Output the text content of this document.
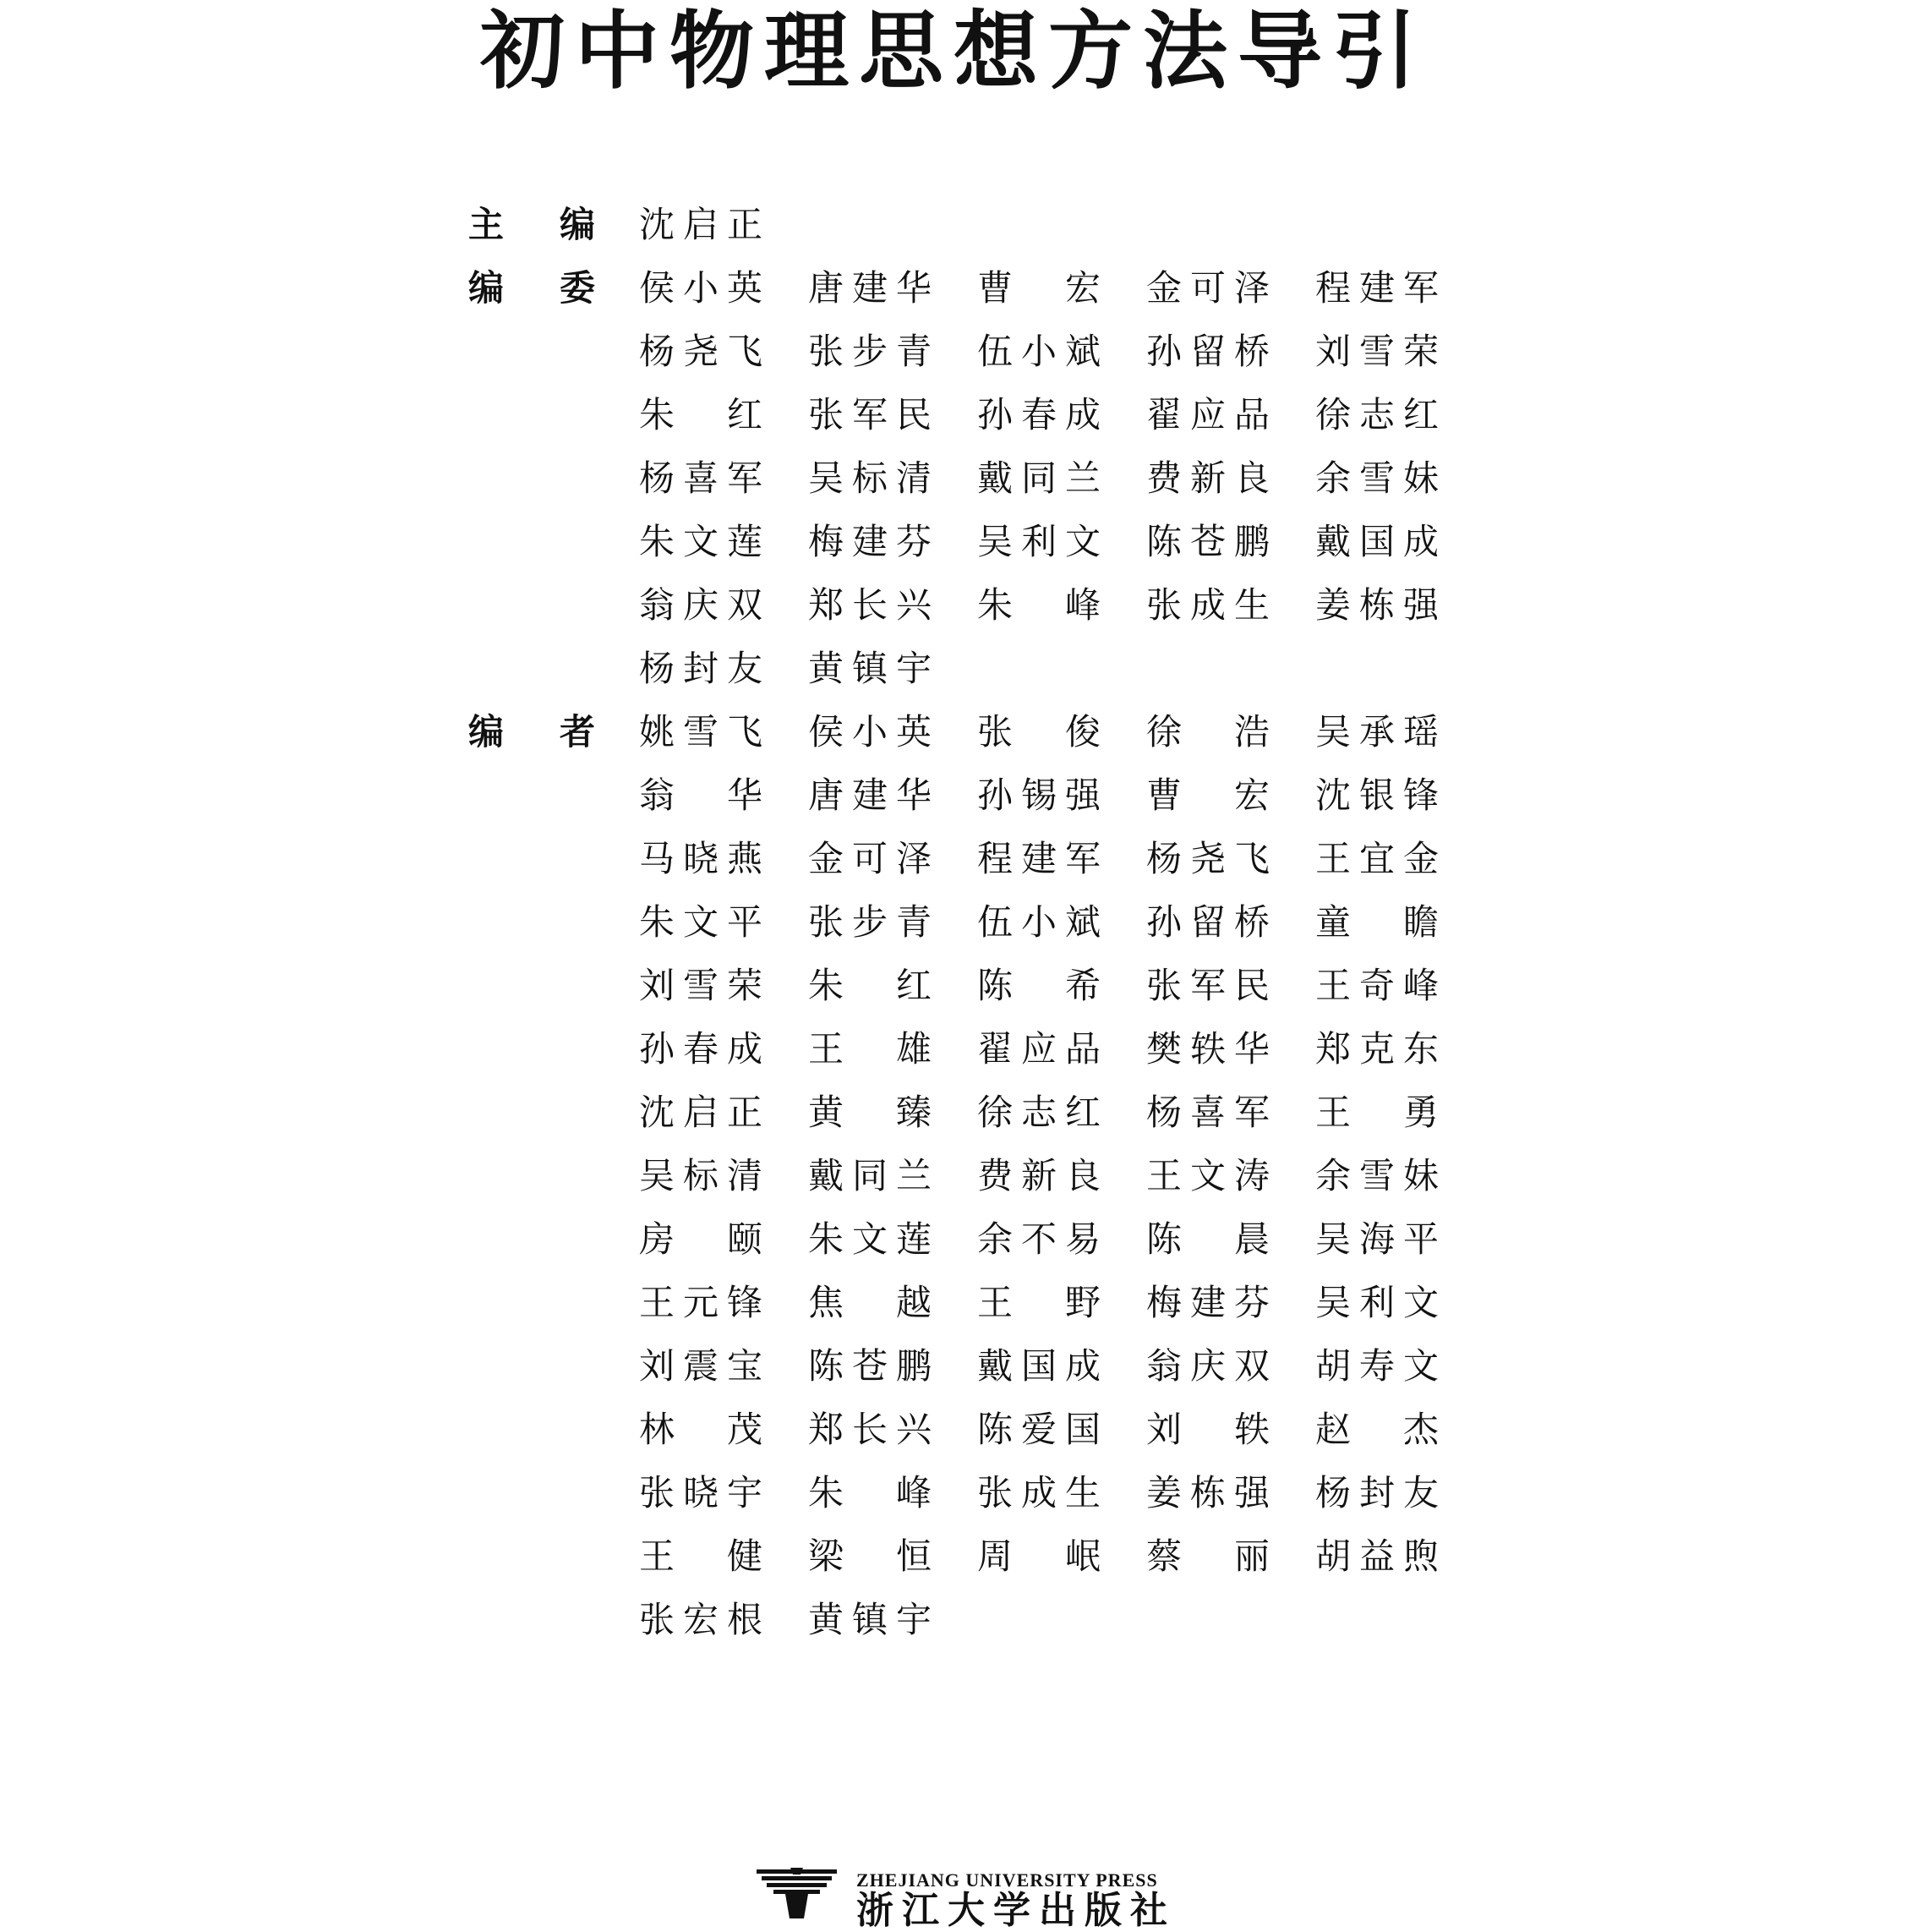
初中物理思想方法导引
主 编 沈 启 正
编 委 侯 小 英 唐 建 华 曹 宏 金 可 泽 程 建 军
杨 尧 飞 张 步 青 伍 小 斌 孙 留 桥 刘 雪 荣
朱 红 张 军 民 孙 春 成 翟 应 品 徐 志 红
杨 喜 军 吴 标 清 戴 同 兰 费 新 良 余 雪 妹
朱 文 莲 梅 建 芬 吴 利 文 陈 苍 鹏 戴 国 成
翁 庆 双 郑 长 兴 朱 峰 张 成 生 姜 栋 强
杨 封 友 黄 镇 宇
编 者 姚 雪 飞 侯 小 英 张 俊 徐 浩 吴 承 瑶
翁 华 唐 建 华 孙 锡 强 曹 宏 沈 银 锋
马 晓 燕 金 可 泽 程 建 军 杨 尧 飞 王 宜 金
朱 文 平 张 步 青 伍 小 斌 孙 留 桥 童 瞻
刘 雪 荣 朱 红 陈 希 张 军 民 王 奇 峰
孙 春 成 王 雄 翟 应 品 樊 轶 华 郑 克 东
沈 启 正 黄 臻 徐 志 红 杨 喜 军 王 勇
吴 标 清 戴 同 兰 费 新 良 王 文 涛 余 雪 妹
房 颐 朱 文 莲 余 不 易 陈 晨 吴 海 平
王 元 锋 焦 越 王 野 梅 建 芬 吴 利 文
刘 震 宝 陈 苍 鹏 戴 国 成 翁 庆 双 胡 寿 文
林 茂 郑 长 兴 陈 爱 国 刘 轶 赵 杰
张 晓 宇 朱 峰 张 成 生 姜 栋 强 杨 封 友
王 健 梁 恒 周 岷 蔡 丽 胡 益 煦
张 宏 根 黄 镇 宇
ZHEJIANG UNIVERSITY PRESS
浙江大学出版社
